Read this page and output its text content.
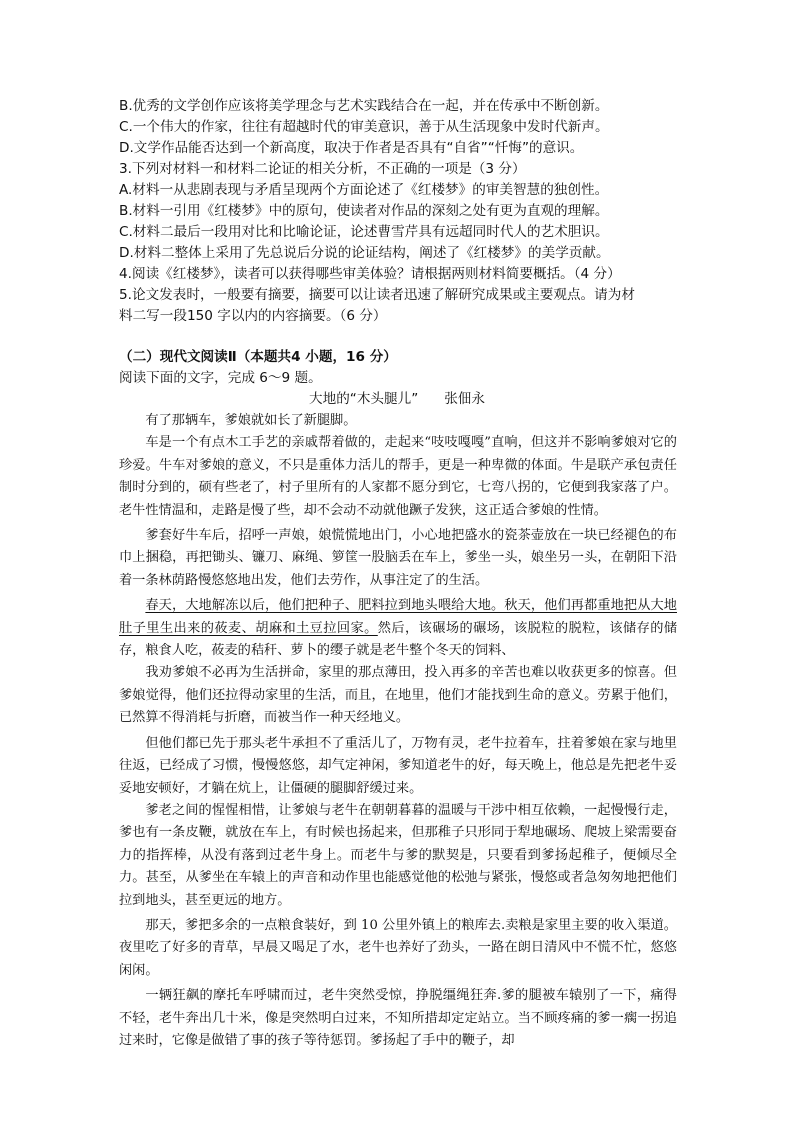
B.优秀的文学创作应该将美学理念与艺术实践结合在一起，并在传承中不断创新。
C.一个伟大的作家，往往有超越时代的审美意识，善于从生活现象中发时代新声。
D.文学作品能否达到一个新高度，取决于作者是否具有“自省”“忏悔”的意识。
3.下列对材料一和材料二论证的相关分析，不正确的一项是（3 分）
A.材料一从悲剧表现与矛盾呈现两个方面论述了《红楼梦》的审美智慧的独创性。
B.材料一引用《红楼梦》中的原句，使读者对作品的深刻之处有更为直观的理解。
C.材料二最后一段用对比和比喻论证，论述曹雪芹具有远超同时代人的艺术胆识。
D.材料二整体上采用了先总说后分说的论证结构，阐述了《红楼梦》的美学贡献。
4.阅读《红楼梦》，读者可以获得哪些审美体验？请根据两则材料简要概括。（4 分）
5.论文发表时，一般要有摘要，摘要可以让读者迅速了解研究成果或主要观点。请为材
料二写一段150 字以内的内容摘要。（6 分）
（二）现代文阅读Ⅱ（本题共4 小题，16 分）
阅读下面的文字，完成 6～9 题。
大地的“木头腿儿” 张佃永

有了那辆车，爹娘就如长了新腿脚。

车是一个有点木工手艺的亲戚帮着做的，走起来“吱吱嘎嘎”直响，但这并不影响爹娘对它的珍爱。牛车对爹娘的意义，不只是重体力活儿的帮手，更是一种卑微的体面。牛是联产承包责任制时分到的，硕有些老了，村子里所有的人家都不愿分到它，七弯八拐的，它便到我家落了户。老牛性情温和，走路是慢了些，却不会动不动就他蹶子发狭，这正适合爹娘的性情。

爹套好牛车后，招呼一声娘，娘慌慌地出门，小心地把盛水的瓷茶壶放在一块已经褪色的布巾上捆稳，再把锄头、镰刀、麻绳、箩筐一股脑丢在车上，爹坐一头，娘坐另一头，在朝阳下沿着一条林荫路慢悠悠地出发，他们去劳作，从事注定了的生活。

春天，大地解冻以后，他们把种子、肥料拉到地头喂给大地。秋天，他们再都重地把从大地肚子里生出来的莜麦、胡麻和土豆拉回家。然后，该碾场的碾场，该脱粒的脱粒，该储存的储存，粮食人吃，莜麦的秸秆、萝卜的缨子就是老牛整个冬天的饲料、

我劝爹娘不必再为生活拼命，家里的那点薄田，投入再多的辛苦也难以收获更多的惊喜。但爹娘觉得，他们还拉得动家里的生活，而且，在地里，他们才能找到生命的意义。劳累于他们，已然算不得消耗与折磨，而被当作一种天经地义。

但他们都已先于那头老牛承担不了重活儿了，万物有灵，老牛拉着车，拄着爹娘在家与地里往返，已经成了习惯，慢慢悠悠，却气定神闲，爹知道老牛的好，每天晚上，他总是先把老牛妥妥地安顿好，才躺在炕上，让僵硬的腿脚舒缓过来。

爹老之间的惺惺相惜，让爹娘与老牛在朝朝暮暮的温暖与干涉中相互依赖，一起慢慢行走，爹也有一条皮鞭，就放在车上，有时候也扬起来，但那稚子只形同于犁地碾场、爬坡上梁需要奋力的指挥棒，从没有落到过老牛身上。而老牛与爹的默契是，只要看到爹扬起稚子，便倾尽全力。甚至，从爹坐在车辕上的声音和动作里也能感觉他的松弛与紧张，慢悠或者急匆匆地把他们拉到地头，甚至更远的地方。

那天，爹把多余的一点粮食装好，到 10 公里外镇上的粮库去.卖粮是家里主要的收入渠道。夜里吃了好多的青草，早晨又喝足了水，老牛也养好了劲头，一路在朗日清风中不慌不忙，悠悠闲闲。

一辆狂飙的摩托车呼啸而过，老牛突然受惊，挣脱缰绳狂奔.爹的腿被车辕别了一下，痛得不轻，老牛奔出几十米，像是突然明白过来，不知所措却定定站立。当不顾疼痛的爹一瘸一拐追过来时，它像是做错了事的孩子等待惩罚。爹扬起了手中的鞭子，却
